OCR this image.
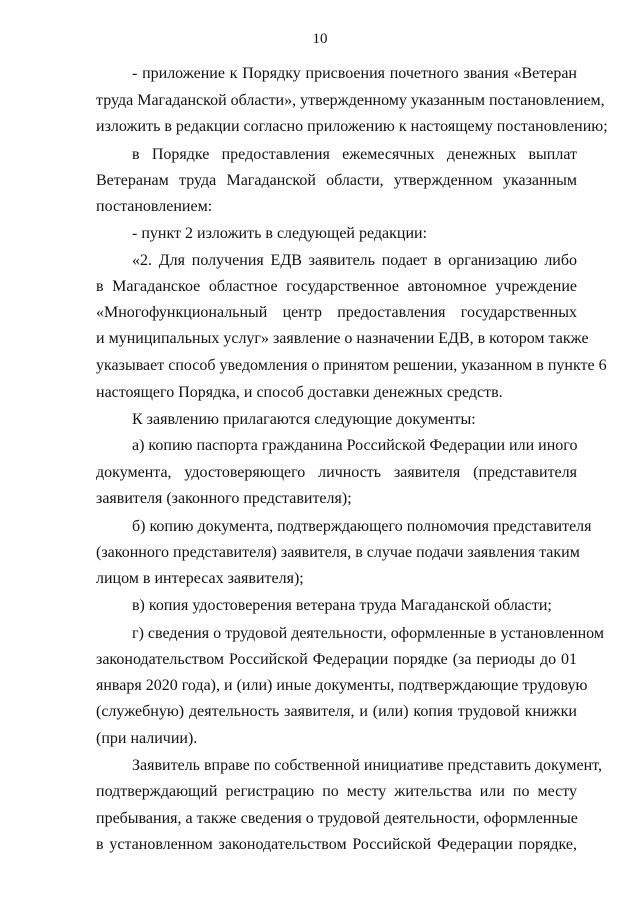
10
- приложение к Порядку присвоения почетного звания «Ветеран
труда Магаданской области», утвержденному указанным постановлением,
изложить в редакции согласно приложению к настоящему постановлению;
в Порядке предоставления ежемесячных денежных выплат
Ветеранам труда Магаданской области, утвержденном указанным
постановлением:
- пункт 2 изложить в следующей редакции:
«2. Для получения ЕДВ заявитель подает в организацию либо
в Магаданское областное государственное автономное учреждение
«Многофункциональный центр предоставления государственных
и муниципальных услуг» заявление о назначении ЕДВ, в котором также
указывает способ уведомления о принятом решении, указанном в пункте 6
настоящего Порядка, и способ доставки денежных средств.
К заявлению прилагаются следующие документы:
а) копию паспорта гражданина Российской Федерации или иного
документа, удостоверяющего личность заявителя (представителя
заявителя (законного представителя);
б) копию документа, подтверждающего полномочия представителя
(законного представителя) заявителя, в случае подачи заявления таким
лицом в интересах заявителя);
в) копия удостоверения ветерана труда Магаданской области;
г) сведения о трудовой деятельности, оформленные в установленном
законодательством Российской Федерации порядке (за периоды до 01
января 2020 года), и (или) иные документы, подтверждающие трудовую
(служебную) деятельность заявителя, и (или) копия трудовой книжки
(при наличии).
Заявитель вправе по собственной инициативе представить документ,
подтверждающий регистрацию по месту жительства или по месту
пребывания, а также сведения о трудовой деятельности, оформленные
в установленном законодательством Российской Федерации порядке,
